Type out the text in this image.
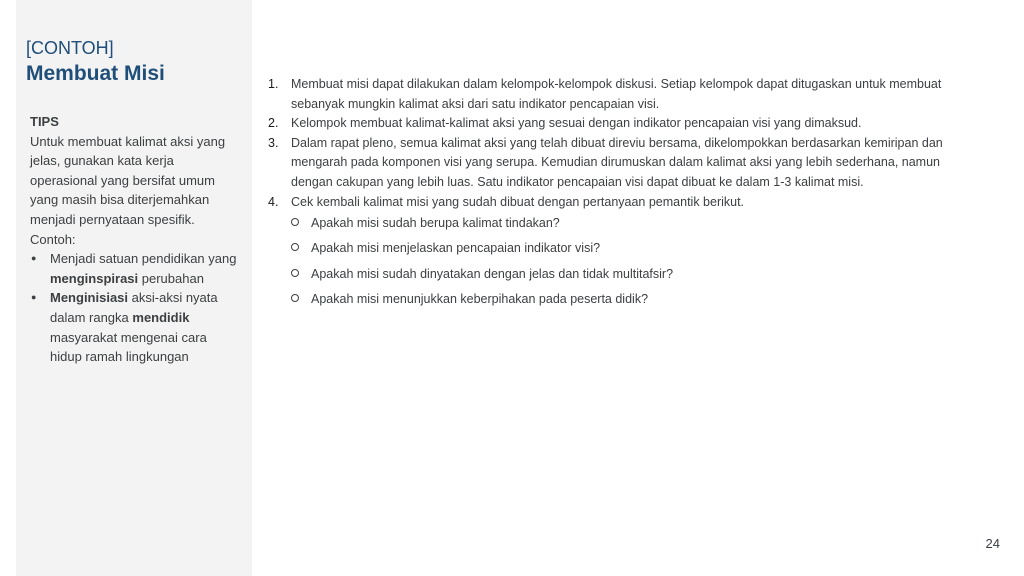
[CONTOH]
Membuat Misi
TIPS

Untuk membuat kalimat aksi yang jelas, gunakan kata kerja operasional yang bersifat umum yang masih bisa diterjemahkan menjadi pernyataan spesifik.

Contoh:

● Menjadi satuan pendidikan yang menginspirasi perubahan
● Menginisiasi aksi-aksi nyata dalam rangka mendidik masyarakat mengenai cara hidup ramah lingkungan
1. Membuat misi dapat dilakukan dalam kelompok-kelompok diskusi. Setiap kelompok dapat ditugaskan untuk membuat sebanyak mungkin kalimat aksi dari satu indikator pencapaian visi.
2. Kelompok membuat kalimat-kalimat aksi yang sesuai dengan indikator pencapaian visi yang dimaksud.
3. Dalam rapat pleno, semua kalimat aksi yang telah dibuat direviu bersama, dikelompokkan berdasarkan kemiripan dan mengarah pada komponen visi yang serupa. Kemudian dirumuskan dalam kalimat aksi yang lebih sederhana, namun dengan cakupan yang lebih luas. Satu indikator pencapaian visi dapat dibuat ke dalam 1-3 kalimat misi.
4. Cek kembali kalimat misi yang sudah dibuat dengan pertanyaan pemantik berikut.
Apakah misi sudah berupa kalimat tindakan?
Apakah misi menjelaskan pencapaian indikator visi?
Apakah misi sudah dinyatakan dengan jelas dan tidak multitafsir?
Apakah misi menunjukkan keberpihakan pada peserta didik?
24
